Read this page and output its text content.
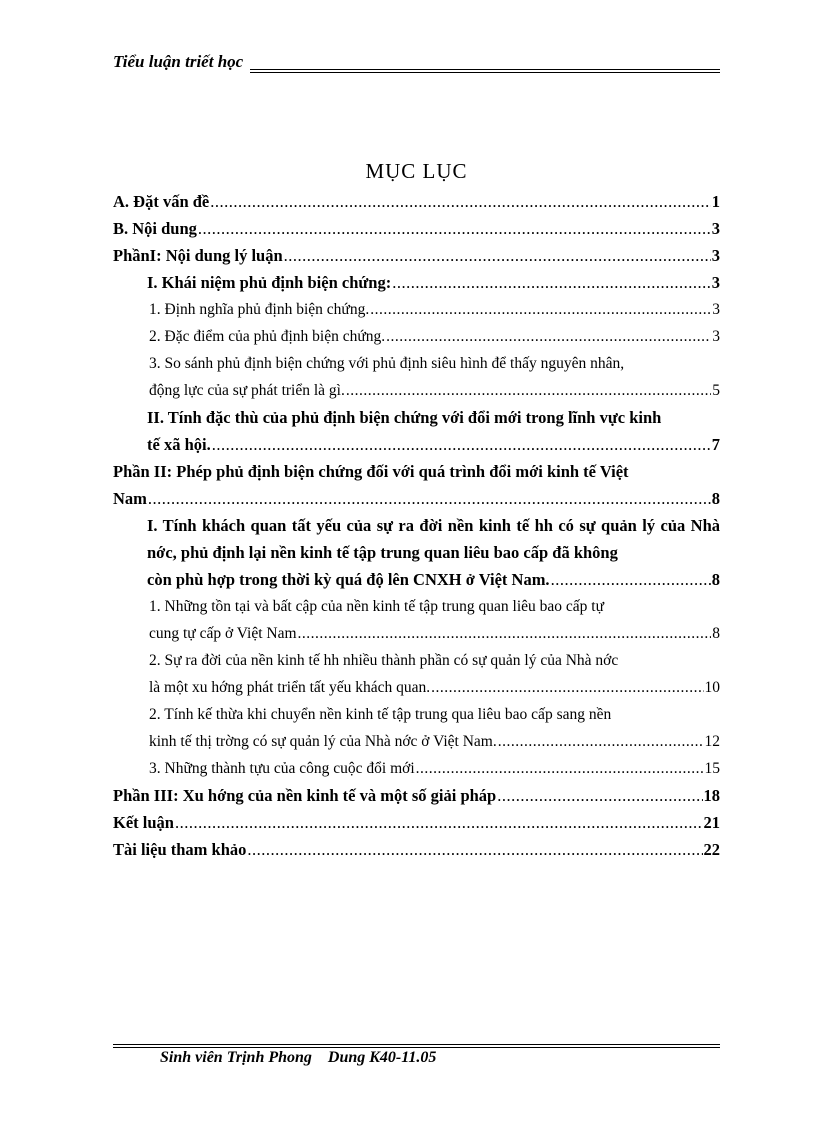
Tiểu luận triết học
MỤC LỤC
A. Đặt vấn đề .....	1
B. Nội dung .....	3
PhầnI: Nội dung lý luận .....	3
I. Khái niệm phủ định biện chứng: .....	3
1. Định nghĩa phủ định biện chứng. .....	3
2. Đặc điểm của phủ định biện chứng. .....	3
3. So sánh phủ định biện chứng với phủ định siêu hình để thấy nguyên nhân,
động lực của sự phát triển là gì. .....	5
II. Tính đặc thù của phủ định biện chứng với đổi mới trong lĩnh vực kinh
tế xã hội. .....	7
Phần II: Phép phủ định biện chứng đối với quá trình đổi mới kinh tế Việt
Nam .....	8
I. Tính khách quan tất yếu của sự ra đời nền kinh tế hh có sự quản lý của Nhà nớc, phủ định lại nền kinh tế tập trung quan liêu bao cấp đã không
còn phù hợp trong thời kỳ quá độ lên CNXH ở Việt Nam. .....	8
1. Những tồn tại và bất cập của nền kinh tế tập trung quan liêu bao cấp tự
cung tự cấp ở Việt Nam .....	8
2. Sự ra đời của nền kinh tế hh nhiều thành phần có sự quản lý của Nhà nớc
là một xu hớng phát triển tất yếu khách quan. .....	10
2. Tính kế thừa khi chuyển nền kinh tế tập trung qua liêu bao cấp sang nền
kinh tế thị trờng có sự quản lý của Nhà nớc ở Việt Nam. .....	12
3. Những thành tựu của công cuộc đổi mới .....	15
Phần III: Xu hớng của nền kinh tế và một số giải pháp .....	18
Kết luận .....	21
Tài liệu tham khảo .....	22
Sinh viên Trịnh Phong    Dung K40-11.05
